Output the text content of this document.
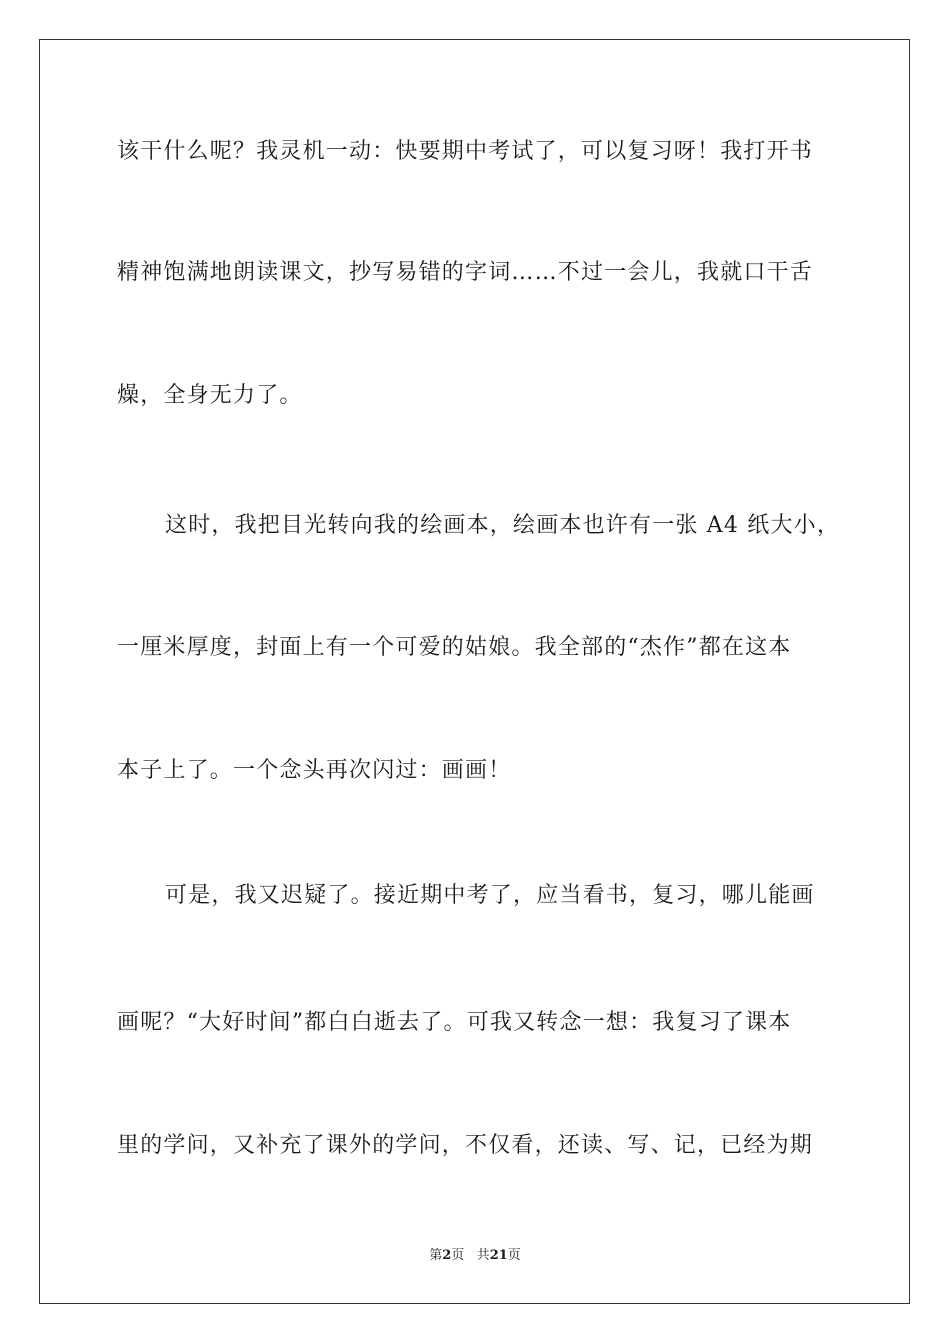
该干什么呢？我灵机一动：快要期中考试了，可以复习呀！我打开书
精神饱满地朗读课文，抄写易错的字词……不过一会儿，我就口干舌
燥，全身无力了。
这时，我把目光转向我的绘画本，绘画本也许有一张 A4 纸大小，
一厘米厚度，封面上有一个可爱的姑娘。我全部的“杰作”都在这本
本子上了。一个念头再次闪过：画画！
可是，我又迟疑了。接近期中考了，应当看书，复习，哪儿能画
画呢？“大好时间”都白白逝去了。可我又转念一想：我复习了课本
里的学问，又补充了课外的学问，不仅看，还读、写、记，已经为期
第2页 共21页
